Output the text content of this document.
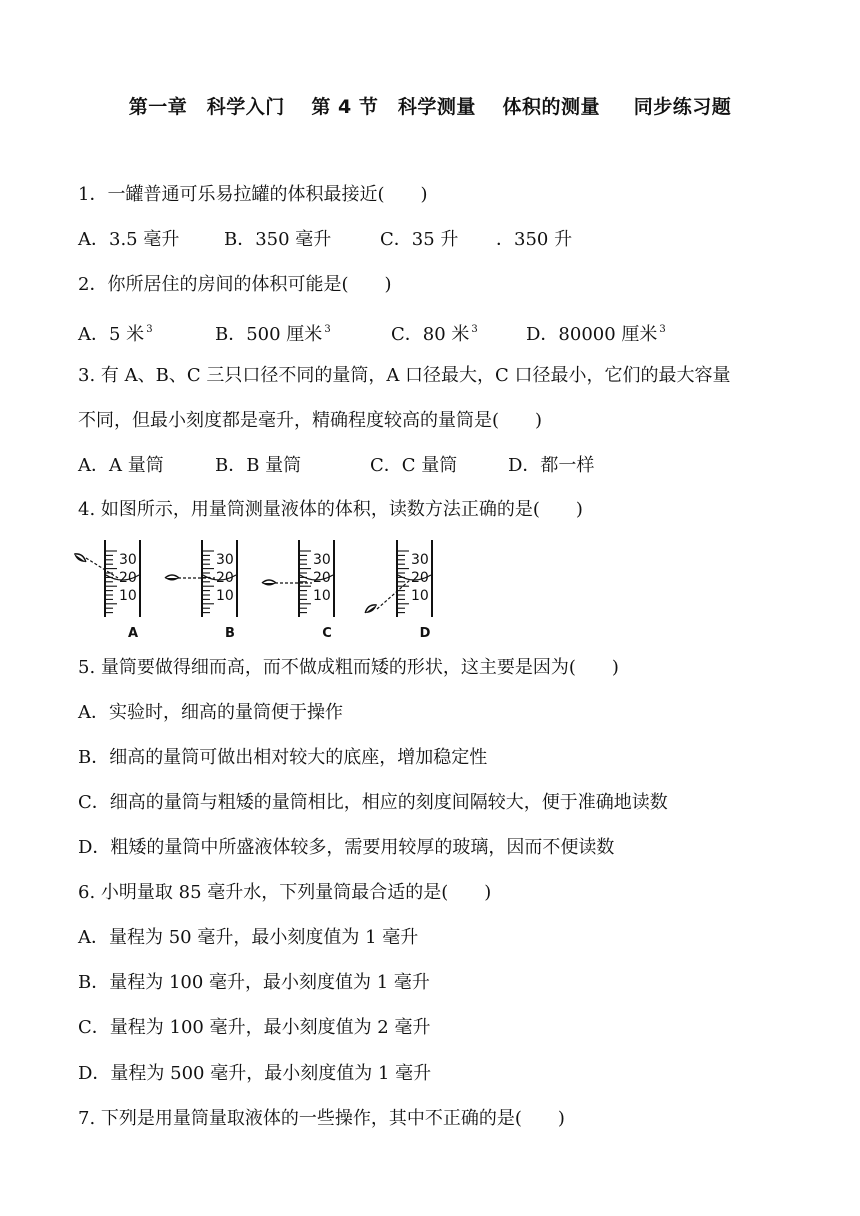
第一章　科学入门　 第 4 节　科学测量 　体积的测量 　 同步练习题
1．一罐普通可乐易拉罐的体积最接近(　　)
A．3.5 毫升 B．350 毫升	C．35 升 ．350 升
2．你所居住的房间的体积可能是(　　)
A．5 米 $^3$	B．500 厘米 $^3$	C．80 米 $^3$	D．80000 厘米 $^3$
3. 有 A、B、C 三只口径不同的量筒，A 口径最大，C 口径最小，它们的最大容量
不同，但最小刻度都是毫升，精确程度较高的量筒是(　　)
A．A 量筒	B．B 量筒	C．C 量筒	D．都一样
4. 如图所示，用量筒测量液体的体积，读数方法正确的是(　　)
30
20
10
A
30
20
10
B
30
20
10
C
30
20
10
D
5. 量筒要做得细而高，而不做成粗而矮的形状，这主要是因为(　　)
A．实验时，细高的量筒便于操作
B．细高的量筒可做出相对较大的底座，增加稳定性
C．细高的量筒与粗矮的量筒相比，相应的刻度间隔较大，便于准确地读数
D．粗矮的量筒中所盛液体较多，需要用较厚的玻璃，因而不便读数
6. 小明量取 85 毫升水，下列量筒最合适的是(　　)
A．量程为 50 毫升，最小刻度值为 1 毫升
B．量程为 100 毫升，最小刻度值为 1 毫升
C．量程为 100 毫升，最小刻度值为 2 毫升
D．量程为 500 毫升，最小刻度值为 1 毫升
7. 下列是用量筒量取液体的一些操作，其中不正确的是(　　)
